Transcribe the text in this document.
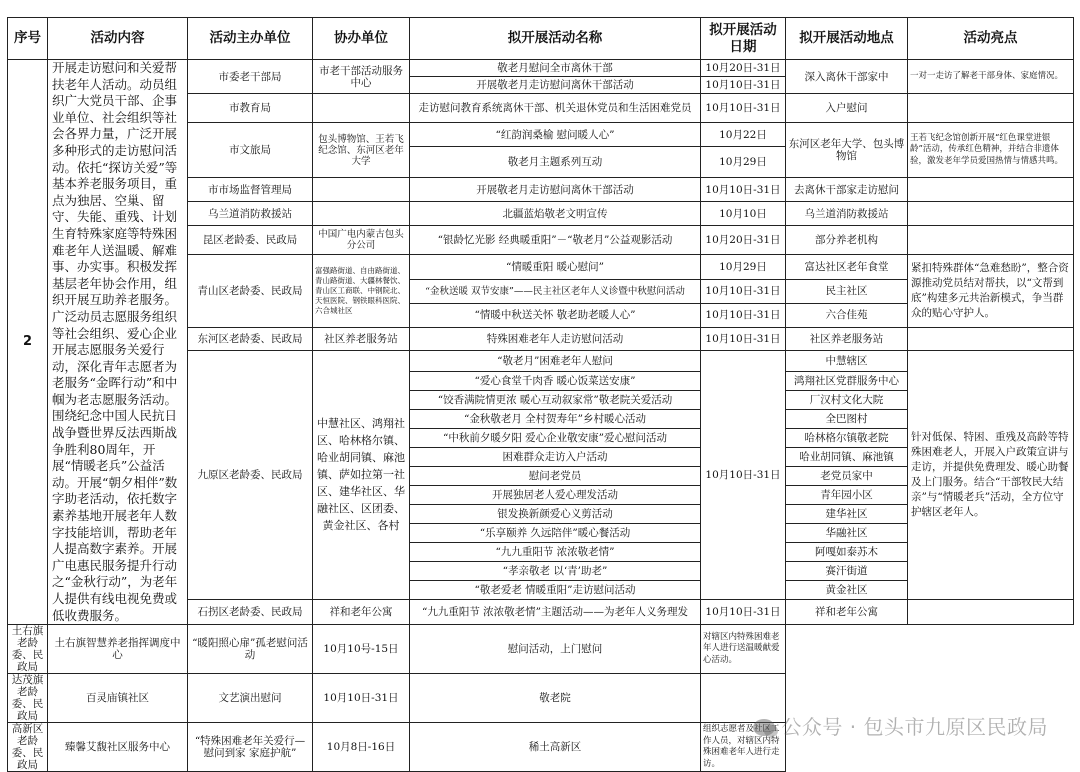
序号	活动内容	活动主办单位	协办单位	拟开展活动名称	拟开展活动日期	拟开展活动地点	活动亮点
2	开展走访慰问和关爱帮扶老年人活动。动员组织广大党员干部、企事业单位、社会组织等社会各界力量，广泛开展多种形式的走访慰问活动。依托“探访关爱”等基本养老服务项目，重点为独居、空巢、留守、失能、重残、计划生育特殊家庭等特殊困难老年人送温暖、解难事、办实事。积极发挥基层老年协会作用，组织开展互助养老服务。广泛动员志愿服务组织等社会组织、爱心企业开展志愿服务关爱行动，深化青年志愿者为老服务“金晖行动”和中帼为老志愿服务活动。围绕纪念中国人民抗日战争暨世界反法西斯战争胜利80周年，开展“情暖老兵”公益活动。开展“朝夕相伴”数字助老活动，依托数字素养基地开展老年人数字技能培训，帮助老年人提高数字素养。开展广电惠民服务提升行动之“金秋行动”，为老年人提供有线电视免费或低收费服务。	市委老干部局	市老干部活动服务中心	敬老月慰问全市离休干部	10月20日-31日	深入离休干部家中	一对一走访了解老干部身体、家庭情况。
				开展敬老月走访慰问离休干部活动	10月10日-31日		
		市教育局		走访慰问教育系统离休干部、机关退休党员和生活困难党员	10月10日-31日	入户慰问	
		市文旅局	包头博物馆、王若飞纪念馆、东河区老年大学	“红韵润桑榆 慰问暖人心”	10月22日	东河区老年大学、包头博物馆	王若飞纪念馆创新开展“红色课堂进银龄”活动，传承红色精神，并结合非遗体验，激发老年学员爱国热情与情感共鸣。
				敬老月主题系列互动	10月29日		
		市市场监督管理局		开展敬老月走访慰问离休干部活动	10月10日-31日	去离休干部家走访慰问	
		乌兰道消防救援站		北疆蓝焰敬老文明宣传	10月10日	乌兰道消防救援站	
		昆区老龄委、民政局	中国广电内蒙古包头分公司	“银龄忆光影 经典暖重阳”－“敬老月”公益观影活动	10月20日-31日	部分养老机构	
		青山区老龄委、民政局	富强路街道、自由路街道、青山路街道、大疆林餐饮、青山区工商联、中钢院北、天恒医院、钢铁眼科医院、六合城社区	“情暖重阳 暖心慰问”	10月29日	富达社区老年食堂	紧扣特殊群体“急难愁盼”，整合资源推动党员结对帮扶，以“文帮到底”构建多元共治新模式，争当群众的贴心守护人。
				“金秋送暖 双节安康”——民主社区老年人义诊暨中秋慰问活动	10月10日-31日	民主社区	
				“情暖中秋送关怀 敬老助老暖人心”	10月10日-31日	六合佳苑	
		东河区老龄委、民政局	社区养老服务站	特殊困难老年人走访慰问活动	10月10日-31日	社区养老服务站	
		九原区老龄委、民政局	中慧社区、鸿翔社区、哈林格尔镇、哈业胡同镇、麻池镇、萨如拉第一社区、建华社区、华融社区、区团委、黄金社区、各村	“敬老月”困难老年人慰问	10月10日-31日	中慧辖区	针对低保、特困、重残及高龄等特殊困难老人，开展入户政策宣讲与走访，并提供免费理发、暖心助餐及上门服务。结合“干部牧民大结亲”与“情暖老兵”活动，全方位守护辖区老年人。
				“爱心食堂千肉香 暖心饭菜送安康”		鸿翔社区党群服务中心	
				“饺香满院情更浓 暖心互动叙家常”敬老院关爱活动		厂汉村文化大院	
				“金秋敬老月 全村贺寿年”乡村暖心活动		全巴图村	
				“中秋前夕暖夕阳 爱心企业敬安康”爱心慰问活动		哈林格尔镇敬老院	
				困难群众走访入户活动		哈业胡同镇、麻池镇	
				慰问老党员		老党员家中	
				开展独居老人爱心理发活动		青年园小区	
				银发换新颜爱心义剪活动		建华社区	
				“乐享颐养 久远陪伴”暖心餐活动		华融社区	
				“九九重阳节 浓浓敬老情”		阿嘎如泰苏木	
				“孝亲敬老 以‘青’助老”		赛汗街道	
				“敬老爱老 情暖重阳”走访慰问活动		黄金社区	
		石拐区老龄委、民政局	祥和老年公寓	“九九重阳节 浓浓敬老情”主题活动——为老年人义务理发	10月10日-31日	祥和老年公寓	
土右旗老龄委、民政局	土右旗智慧养老指挥调度中心	“暖阳照心扉”孤老慰问活动	10月10号-15日	慰问活动，上门慰问	对辖区内特殊困难老年人进行送温暖献爱心活动。		
达茂旗老龄委、民政局	百灵庙镇社区	文艺演出慰问	10月10日-31日	敬老院			
高新区老龄委、民政局	臻馨艾馥社区服务中心	“特殊困难老年关爱行—慰问到家 家庭护航”	10月8日-16日	稀土高新区	组织志愿者及社区工作人员，对辖区内特殊困难老年人进行走访。		
公众号 · 包头市九原区民政局
